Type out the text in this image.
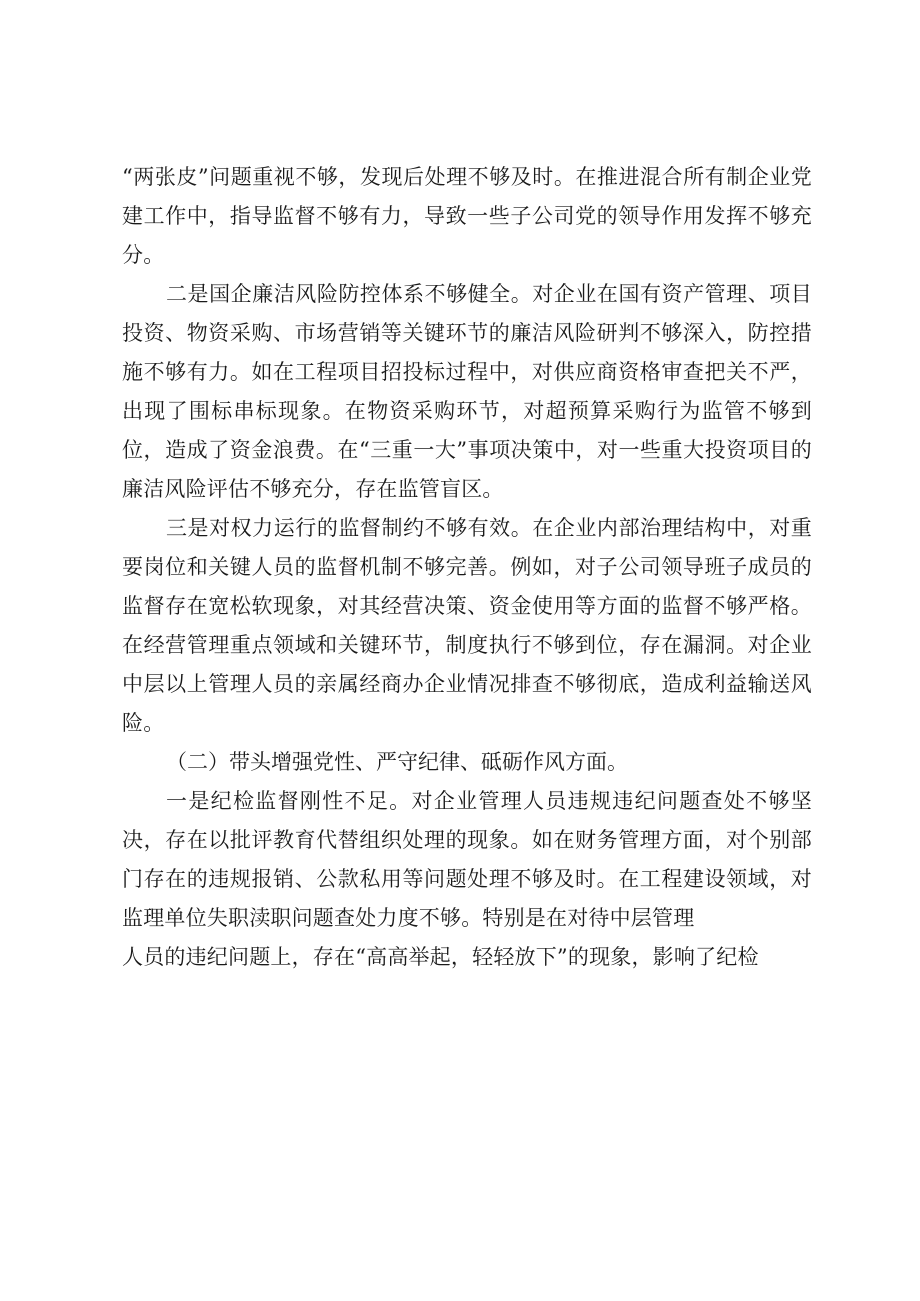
“两张皮”问题重视不够，发现后处理不够及时。在推进混合所有制企业党建工作中，指导监督不够有力，导致一些子公司党的领导作用发挥不够充分。

二是国企廉洁风险防控体系不够健全。对企业在国有资产管理、项目投资、物资采购、市场营销等关键环节的廉洁风险研判不够深入，防控措施不够有力。如在工程项目招投标过程中，对供应商资格审查把关不严，出现了围标串标现象。在物资采购环节，对超预算采购行为监管不够到位，造成了资金浪费。在“三重一大”事项决策中，对一些重大投资项目的廉洁风险评估不够充分，存在监管盲区。

三是对权力运行的监督制约不够有效。在企业内部治理结构中，对重要岗位和关键人员的监督机制不够完善。例如，对子公司领导班子成员的监督存在宽松软现象，对其经营决策、资金使用等方面的监督不够严格。在经营管理重点领域和关键环节，制度执行不够到位，存在漏洞。对企业中层以上管理人员的亲属经商办企业情况排查不够彻底，造成利益输送风险。

（二）带头增强党性、严守纪律、砥砺作风方面。

一是纪检监督刚性不足。对企业管理人员违规违纪问题查处不够坚决，存在以批评教育代替组织处理的现象。如在财务管理方面，对个别部门存在的违规报销、公款私用等问题处理不够及时。在工程建设领域，对监理单位失职渎职问题查处力度不够。特别是在对待中层管理

人员的违纪问题上，存在“高高举起，轻轻放下”的现象，影响了纪检
